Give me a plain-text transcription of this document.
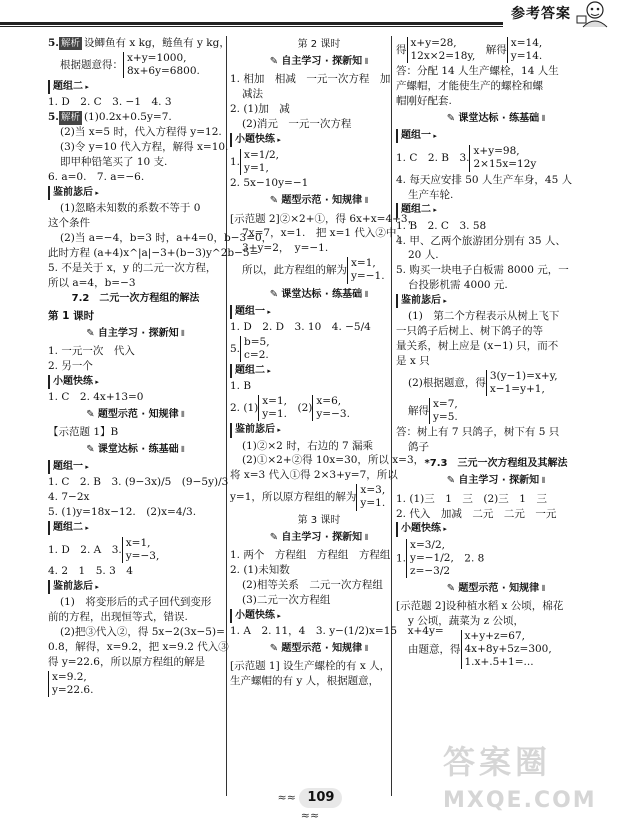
参考答案
5. 解析 设鲫鱼有 x kg，鲢鱼有 y kg，
根据题意得：
x+y=1000,
8x+6y=6800.
题组二 ▸
1. D　2. C　3. −1　4. 3
5. 解析 (1)0.2x+0.5y=7.
(2)当 x=5 时，代入方程得 y=12.
(3)令 y=10 代入方程，解得 x=10.
即甲种铅笔买了 10 支.
6. a=0.　7. a=−6.
鉴前毖后 ▸
(1)忽略未知数的系数不等于 0
这个条件
(2)当 a=−4，b=3 时，a+4=0，b−3=0，
此时方程 (a+4)x^|a|−3+(b−3)y^2b−5=
5. 不是关于 x，y 的二元一次方程，
所以 a=4，b=−3
7.2　二元一次方程组的解法
第 1 课时
✎ 自主学习 · 探新知 ⦀
1. 一元一次　代入
2. 另一个
小题快练 ▸
1. C　2. 4x+13=0
✎ 题型示范 · 知规律 ⦀
【示范题 1】B
✎ 课堂达标 · 练基础 ⦀
题组一 ▸
1. C　2. B　3. (9−3x)/5　(9−5y)/3
4. 7−2x
5. (1)y=18x−12.　(2)x=4/3.
题组二 ▸
1. D　2. A　3.
x=1,
y=−3,
4. 2　1　5. 3　4
鉴前毖后 ▸
(1)　将变形后的式子回代到变形
前的方程，出现恒等式，错误.
(2)把③代入②，得 5x−2(3x−5)=
0.8，解得，x=9.2，把 x=9.2 代入③
得 y=22.6，所以原方程组的解是
x=9.2,
y=22.6.
第 2 课时
✎ 自主学习 · 探新知 ⦀
1. 相加　相减　一元一次方程　加
减法
2. (1)加　减
(2)消元　一元一次方程
小题快练 ▸
1.
x=1/2,
y=1,
2. 5x−10y=−1
✎ 题型示范 · 知规律 ⦀
[示范题 2]②×2+①，得 6x+x=4+3，
7x=7，x=1.　把 x=1 代入②中，
3+y=2，　y=−1.
所以，此方程组的解为
x=1,
y=−1.
✎ 课堂达标 · 练基础 ⦀
题组一 ▸
1. D　2. D　3. 10　4. −5/4
5.
b=5,
c=2.
题组二 ▸
1. B
2. (1)
x=1,
y=1.
　 (2)
x=6,
y=−3.
鉴前毖后 ▸
(1)②×2 时，右边的 7 漏乘
(2)①×2+②得 10x=30，所以 x=3，
将 x=3 代入①得 2×3+y=7，所以
y=1，所以原方程组的解为
x=3,
y=1.
第 3 课时
✎ 自主学习 · 探新知 ⦀
1. 两个　方程组　方程组　方程组
2. (1)未知数
(2)相等关系　二元一次方程组
(3)二元一次方程组
小题快练 ▸
1. A　2. 11，4　3. y−(1/2)x=15　x+4y=
✎ 题型示范 · 知规律 ⦀
[示范题 1] 设生产螺栓的有 x 人，
生产螺帽的有 y 人，根据题意，
得
x+y=28,
12x×2=18y,
　 解得
x=14,
y=14.
答：分配 14 人生产螺栓，14 人生
产螺帽，才能使生产的螺栓和螺
帽刚好配套.
✎ 课堂达标 · 练基础 ⦀
题组一 ▸
1. C　2. B　3.
x+y=98,
2×15x=12y
4. 每天应安排 50 人生产车身，45 人
生产车轮.
题组二 ▸
1. B　2. C　3. 58
4. 甲、乙两个旅游团分别有 35 人、
20 人.
5. 购买一块电子白板需 8000 元，一
台投影机需 4000 元.
鉴前毖后 ▸
(1)　第二个方程表示从树上飞下
一只鸽子后树上、树下鸽子的等
量关系，树上应是 (x−1) 只，而不
是 x 只
(2)根据题意，得
3(y−1)=x+y,
x−1=y+1,
解得
x=7,
y=5.
答：树上有 7 只鸽子，树下有 5 只
鸽子
*7.3　三元一次方程组及其解法
✎ 自主学习 · 探新知 ⦀
1. (1)三　1　三　(2)三　1　三
2. 代入　加减　二元　二元　一元
小题快练 ▸
1.
x=3/2,
y=−1/2,
z=−3/2
　2. 8
✎ 题型示范 · 知规律 ⦀
[示范题 2]设种植水稻 x 公顷，棉花
y 公顷，蔬菜为 z 公顷，
由题意，得
x+y+z=67,
4x+8y+5z=300,
1.x+.5+1=...
答案圈
MXQE.COM
≈≈ 109 ≈≈
